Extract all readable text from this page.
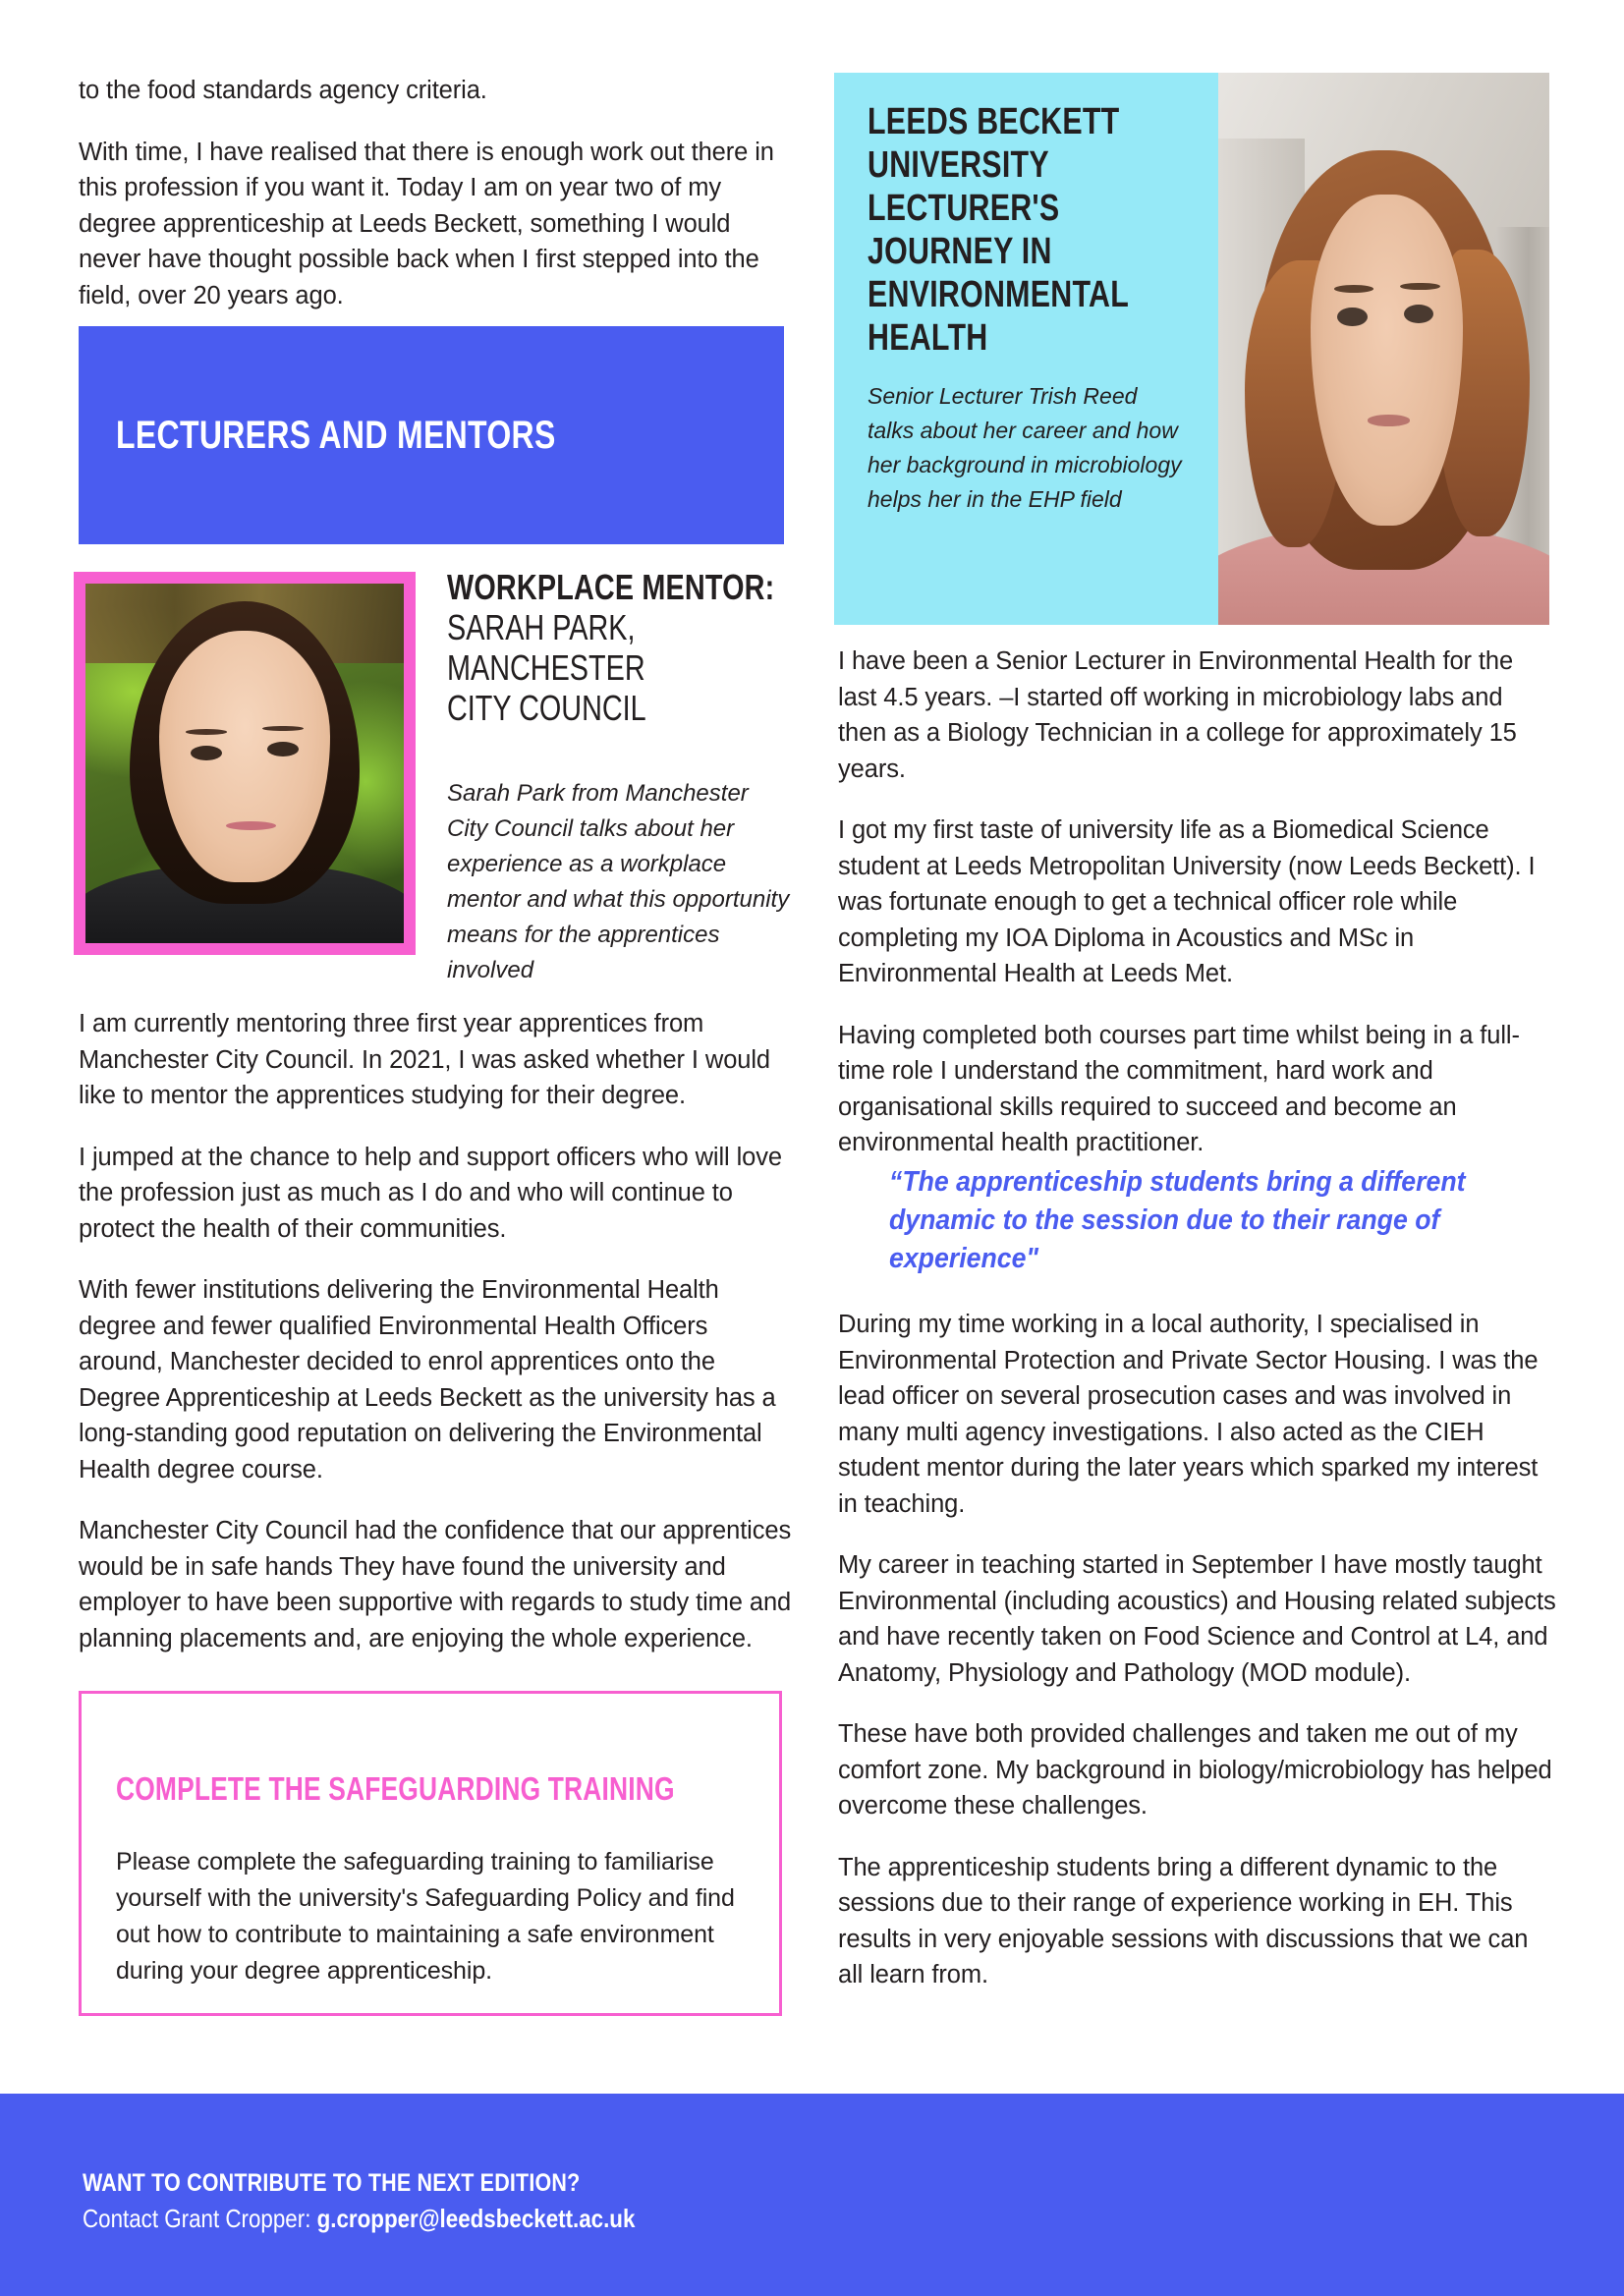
to the food standards agency criteria.

With time, I have realised that there is enough work out there in this profession if you want it. Today I am on year two of my degree apprenticeship at Leeds Beckett, something I would never have thought possible back when I first stepped into the field, over 20 years ago.

LECTURERS AND MENTORS
WORKPLACE MENTOR:
SARAH PARK,
MANCHESTER
CITY COUNCIL
Sarah Park from Manchester City Council talks about her experience as a workplace mentor and what this opportunity means for the apprentices involved

I am currently mentoring three first year apprentices from Manchester City Council. In 2021, I was asked whether I would like to mentor the apprentices studying for their degree.

I jumped at the chance to help and support officers who will love the profession just as much as I do and who will continue to protect the health of their communities.

With fewer institutions delivering the Environmental Health degree and fewer qualified Environmental Health Officers around, Manchester decided to enrol apprentices onto the Degree Apprenticeship at Leeds Beckett as the university has a long-standing good reputation on delivering the Environmental Health degree course.

Manchester City Council had the confidence that our apprentices would be in safe hands They have found the university and employer to have been supportive with regards to study time and planning placements and, are enjoying the whole experience.

COMPLETE THE SAFEGUARDING TRAINING
Please complete the safeguarding training to familiarise yourself with the university's Safeguarding Policy and find out how to contribute to maintaining a safe environment during your degree apprenticeship.
LEEDS BECKETT
UNIVERSITY
LECTURER'S
JOURNEY IN
ENVIRONMENTAL
HEALTH
Senior Lecturer Trish Reed talks about her career and how her background in microbiology helps her in the EHP field

I have been a Senior Lecturer in Environmental Health for the last 4.5 years. –I started off working in microbiology labs and then as a Biology Technician in a college for approximately 15 years.

I got my first taste of university life as a Biomedical Science student at Leeds Metropolitan University (now Leeds Beckett). I was fortunate enough to get a technical officer role while completing my IOA Diploma in Acoustics and MSc in Environmental Health at Leeds Met.

Having completed both courses part time whilst being in a full-time role I understand the commitment, hard work and organisational skills required to succeed and become an environmental health practitioner.

“The apprenticeship students bring a different dynamic to the session due to their range of experience"

During my time working in a local authority, I specialised in Environmental Protection and Private Sector Housing. I was the lead officer on several prosecution cases and was involved in many multi agency investigations. I also acted as the CIEH student mentor during the later years which sparked my interest in teaching.

My career in teaching started in September I have mostly taught Environmental (including acoustics) and Housing related subjects and have recently taken on Food Science and Control at L4, and Anatomy, Physiology and Pathology (MOD module).

These have both provided challenges and taken me out of my comfort zone. My background in biology/microbiology has helped overcome these challenges.

The apprenticeship students bring a different dynamic to the sessions due to their range of experience working in EH. This results in very enjoyable sessions with discussions that we can all learn from.

WANT TO CONTRIBUTE TO THE NEXT EDITION?
Contact Grant Cropper: g.cropper@leedsbeckett.ac.uk
